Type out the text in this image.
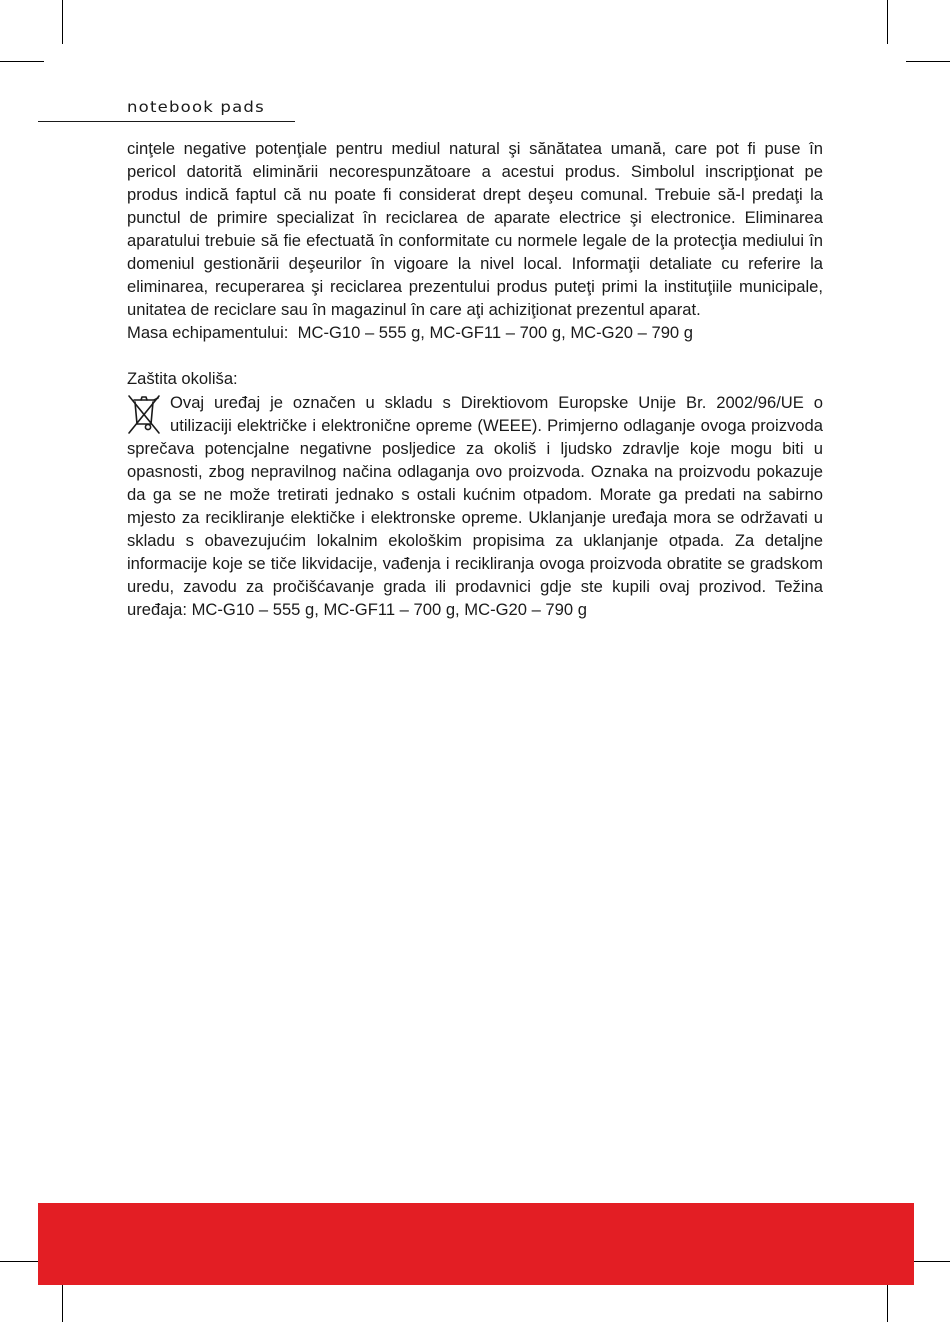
notebook pads

cinţele negative potenţiale pentru mediul natural şi sănătatea umană, care pot fi puse în pericol datorită eliminării necorespunzătoare a acestui produs. Simbolul inscripţionat pe produs indică faptul că nu poate fi considerat drept deşeu comunal. Trebuie să-l predaţi la punctul de primire specializat în reciclarea de aparate electrice şi electronice. Eliminarea aparatului trebuie să fie efectuată în conformitate cu normele legale de la protecţia mediului în domeniul gestionării deşeurilor în vigoare la nivel local. Informaţii detaliate cu referire la eliminarea, recuperarea şi reciclarea prezentului produs puteţi primi la instituţiile municipale, unitatea de reciclare sau în magazinul în care aţi achiziţionat prezentul aparat.

Masa echipamentului:  MC-G10 – 555 g, MC-GF11 – 700 g, MC-G20 – 790 g

Zaštita okoliša:

Ovaj uređaj je označen u skladu s Direktiovom Europske Unije Br. 2002/96/UE o utilizaciji električke i elektronične opreme (WEEE). Primjerno odlaganje ovoga proizvoda sprečava potencjalne negativne posljedice za okoliš i ljudsko zdravlje koje mogu biti u opasnosti, zbog nepravilnog načina odlaganja ovo proizvoda. Oznaka na proizvodu pokazuje da ga se ne može tretirati jednako s ostali kućnim otpadom. Morate ga predati na sabirno mjesto za recikliranje elektičke i elektronske opreme. Uklanjanje uređaja mora se održavati u skladu s obavezujućim lokalnim ekološkim propisima za uklanjanje otpada. Za detaljne informacije koje se tiče likvidacije, vađenja i recikliranja ovoga proizvoda obratite se gradskom uredu, zavodu za pročišćavanje grada ili prodavnici gdje ste kupili ovaj prozivod. Težina uređaja: MC-G10 – 555 g, MC-GF11 – 700 g, MC-G20 – 790 g
